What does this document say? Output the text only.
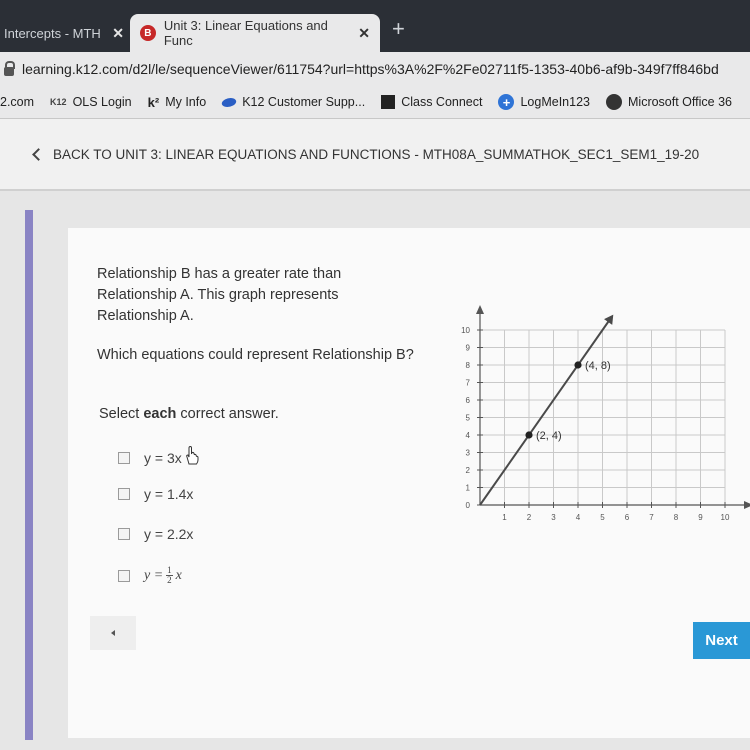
Intercepts - MTH ✕	B Unit 3: Linear Equations and Func	✕ +
learning.k12.com/d2l/le/sequenceViewer/611754?url=https%3A%2F%2Fe02711f5-1353-40b6-af9b-349f7ff846bd
2.com K12 OLS Login k² My Info	K12 Customer Supp...	Class Connect	+ LogMeIn123	Microsoft Office 36
BACK TO UNIT 3: LINEAR EQUATIONS AND FUNCTIONS - MTH08A_SUMMATHOK_SEC1_SEM1_19-20
Relationship B has a greater rate than Relationship A. This graph represents Relationship A.
Which equations could represent Relationship B?
Select each correct answer.
y = 3x
y = 1.4x
y = 2.2x
$y = \frac{1}{2}$ x
1	2	3	4	5	6	7	8	9 10
0
1
2
3
4
5
6
7
8
9
10
(2, 4)
(4, 8)
Next
